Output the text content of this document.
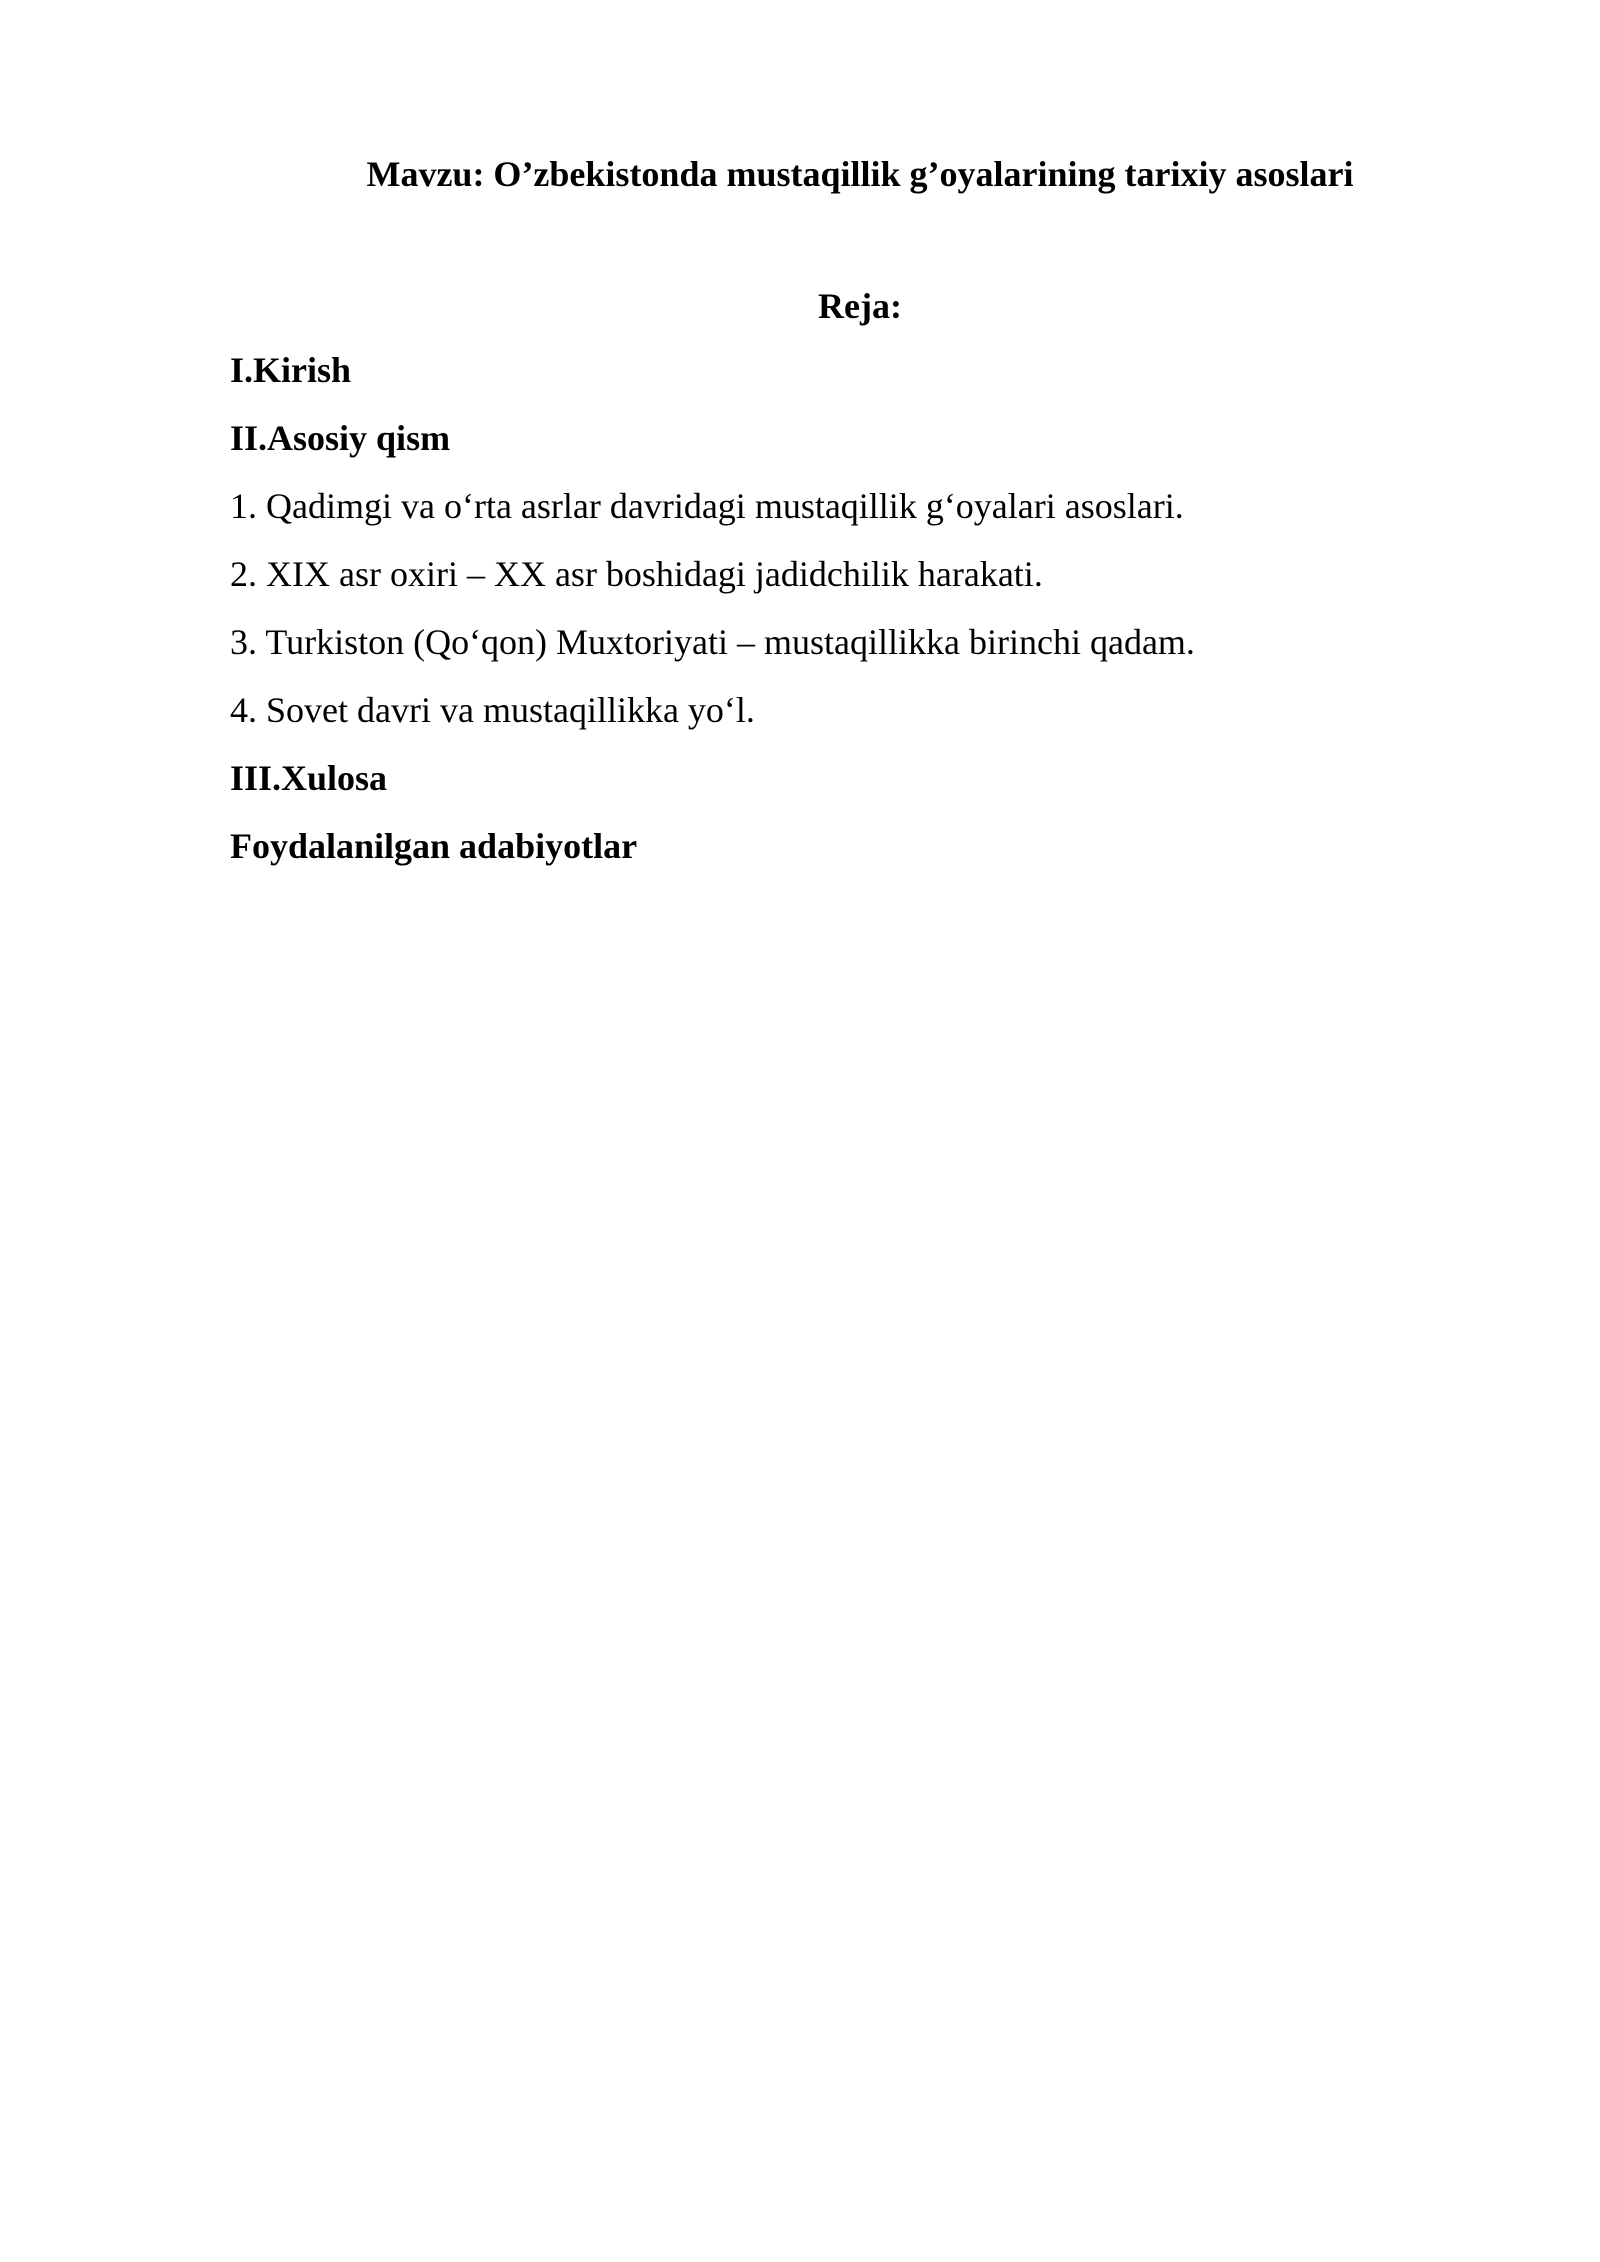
Mavzu: O’zbekistonda mustaqillik g’oyalarining tarixiy asoslari
Reja:
I.Kirish
II.Asosiy qism
1. Qadimgi va o‘rta asrlar davridagi mustaqillik g‘oyalari asoslari.
2. XIX asr oxiri – XX asr boshidagi jadidchilik harakati.
3. Turkiston (Qo‘qon) Muxtoriyati – mustaqillikka birinchi qadam.
4. Sovet davri va mustaqillikka yo‘l.
III.Xulosa
Foydalanilgan adabiyotlar
